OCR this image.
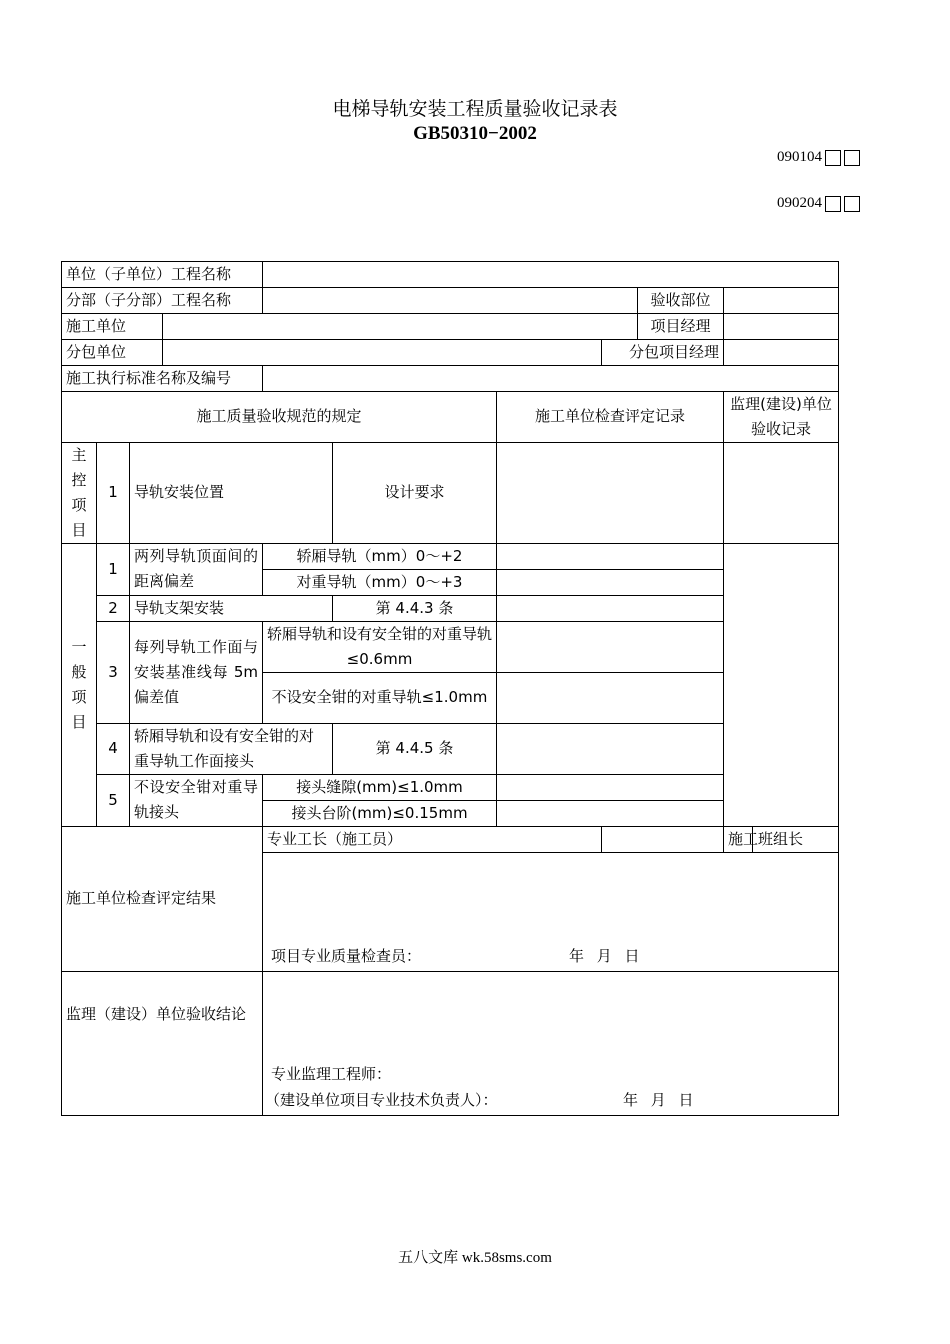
电梯导轨安装工程质量验收记录表
GB50310−2002
090104
090204

单位（子单位）工程名称										
分部（子分部）工程名称								验收部位		
施工单位								项目经理		
分包单位							分包项目经理			
施工执行标准名称及编号										
施工质量验收规范的规定						施工单位检查评定记录			监理(建设)单位验收记录	
主控项目	1	导轨安装位置			设计要求					
一般项目	1	两列导轨顶面间的距离偏差		轿厢导轨（mm）0～+2						
				对重导轨（mm）0～+3						
	2	导轨支架安装			第 4.4.3 条					
	3	每列导轨工作面与安装基准线每 5m 偏差值		轿厢导轨和设有安全钳的对重导轨≤0.6mm						
				不设安全钳的对重导轨≤1.0mm						
	4	轿厢导轨和设有安全钳的对重导轨工作面接头			第 4.4.5 条					
	5	不设安全钳对重导轨接头		接头缝隙(mm)≤1.0mm						
				接头台阶(mm)≤0.15mm						

施工单位检查评定结果				专业工长（施工员）					施工班组长	

				项目专业质量检查员： 年 月 日						

监理（建设）单位验收结论				专业监理工程师：
（建设单位项目专业技术负责人）： 年 月 日						
五八文库 wk.58sms.com
